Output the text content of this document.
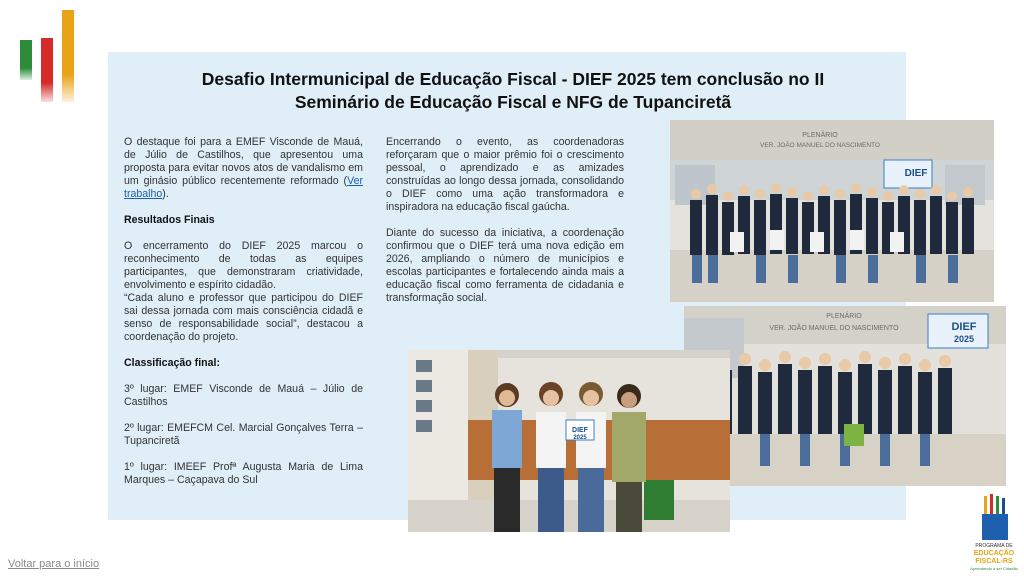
Desafio Intermunicipal de Educação Fiscal - DIEF 2025 tem conclusão no II
Seminário de Educação Fiscal e NFG de Tupanciretã

O destaque foi para a EMEF Visconde de Mauá, de Júlio de Castilhos, que apresentou uma proposta para evitar novos atos de vandalismo em um ginásio público recentemente reformado (Ver trabalho).

Resultados Finais

O encerramento do DIEF 2025 marcou o reconhecimento de todas as equipes participantes, que demonstraram criatividade, envolvimento e espírito cidadão.

“Cada aluno e professor que participou do DIEF sai dessa jornada com mais consciência cidadã e senso de responsabilidade social”, destacou a coordenação do projeto.

Classificação final:

3º lugar: EMEF Visconde de Mauá – Júlio de Castilhos

2º lugar: EMEFCM Cel. Marcial Gonçalves Terra – Tupanciretã

1º lugar: IMEEF Profª Augusta Maria de Lima Marques – Caçapava do Sul

Encerrando o evento, as coordenadoras reforçaram que o maior prêmio foi o crescimento pessoal, o aprendizado e as amizades construídas ao longo dessa jornada, consolidando o DIEF como uma ação transformadora e inspiradora na educação fiscal gaúcha.

Diante do sucesso da iniciativa, a coordenação confirmou que o DIEF terá uma nova edição em 2026, ampliando o número de municípios e escolas participantes e fortalecendo ainda mais a educação fiscal como ferramenta de cidadania e transformação social.

PLENÁRIO
VER. JOÃO MANUEL DO NASCIMENTO
DIEF
PLENÁRIO
VER. JOÃO MANUEL DO NASCIMENTO	DIEF
2025
DIEF
2025
Voltar para o início
PROGRAMA DE
EDUCAÇÃO
FISCAL-RS
Aprendendo a ser Cidadão
